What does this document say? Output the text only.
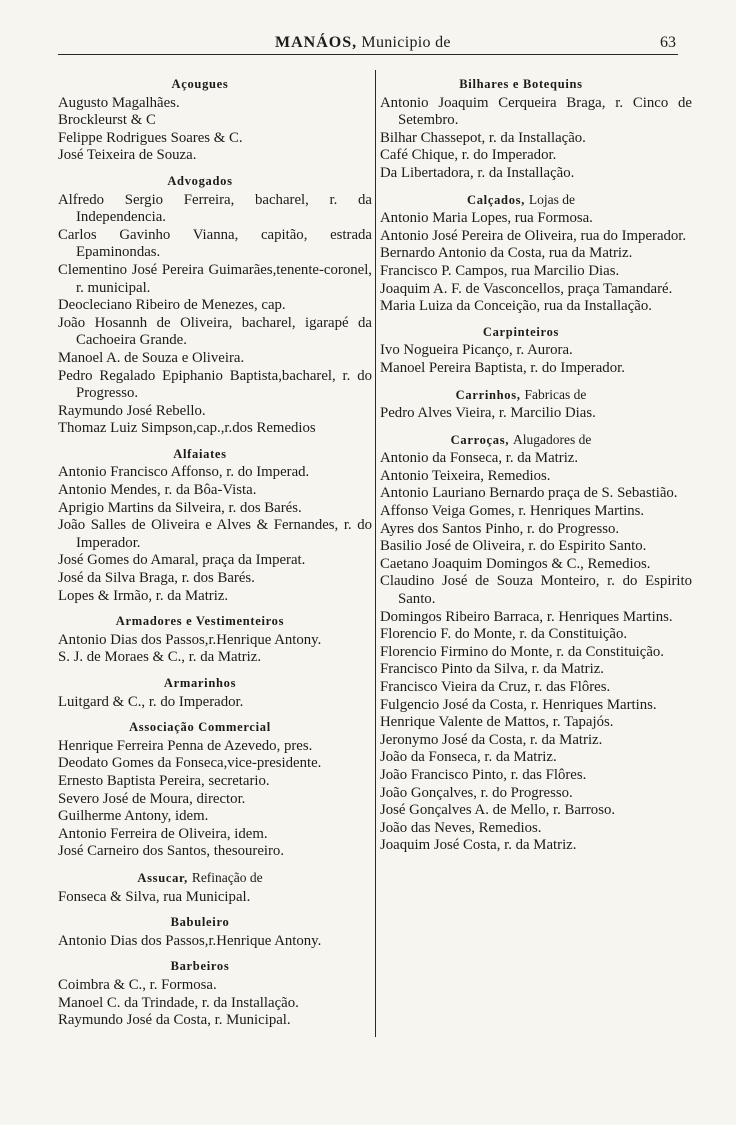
MANÁOS, Municipio de	63
Açougues
Augusto Magalhães.
Brockleurst & C
Felippe Rodrigues Soares & C.
José Teixeira de Souza.
Advogados
Alfredo Sergio Ferreira, bacharel, r. da Independencia.
Carlos Gavinho Vianna, capitão, estrada Epaminondas.
Clementino José Pereira Guimarães,tenente-coronel, r. municipal.
Deocleciano Ribeiro de Menezes, cap.
João Hosannh de Oliveira, bacharel, igarapé da Cachoeira Grande.
Manoel A. de Souza e Oliveira.
Pedro Regalado Epiphanio Baptista,bacharel, r. do Progresso.
Raymundo José Rebello.
Thomaz Luiz Simpson,cap.,r.dos Remedios
Alfaiates
Antonio Francisco Affonso, r. do Imperad.
Antonio Mendes, r. da Bôa-Vista.
Aprigio Martins da Silveira, r. dos Barés.
João Salles de Oliveira e Alves & Fernandes, r. do Imperador.
José Gomes do Amaral, praça da Imperat.
José da Silva Braga, r. dos Barés.
Lopes & Irmão, r. da Matriz.
Armadores e Vestimenteiros
Antonio Dias dos Passos,r.Henrique Antony.
S. J. de Moraes & C., r. da Matriz.
Armarinhos
Luitgard & C., r. do Imperador.
Associação Commercial
Henrique Ferreira Penna de Azevedo, pres.
Deodato Gomes da Fonseca,vice-presidente.
Ernesto Baptista Pereira, secretario.
Severo José de Moura, director.
Guilherme Antony, idem.
Antonio Ferreira de Oliveira, idem.
José Carneiro dos Santos, thesoureiro.
Assucar, Refinação de
Fonseca & Silva, rua Municipal.
Babuleiro
Antonio Dias dos Passos,r.Henrique Antony.
Barbeiros
Coimbra & C., r. Formosa.
Manoel C. da Trindade, r. da Installação.
Raymundo José da Costa, r. Municipal.
Bilhares e Botequins
Antonio Joaquim Cerqueira Braga, r. Cinco de Setembro.
Bilhar Chassepot, r. da Installação.
Café Chique, r. do Imperador.
Da Libertadora, r. da Installação.
Calçados, Lojas de
Antonio Maria Lopes, rua Formosa.
Antonio José Pereira de Oliveira, rua do Imperador.
Bernardo Antonio da Costa, rua da Matriz.
Francisco P. Campos, rua Marcilio Dias.
Joaquim A. F. de Vasconcellos, praça Tamandaré.
Maria Luiza da Conceição, rua da Installação.
Carpinteiros
Ivo Nogueira Picanço, r. Aurora.
Manoel Pereira Baptista, r. do Imperador.
Carrinhos, Fabricas de
Pedro Alves Vieira, r. Marcilio Dias.
Carroças, Alugadores de
Antonio da Fonseca, r. da Matriz.
Antonio Teixeira, Remedios.
Antonio Lauriano Bernardo praça de S. Sebastião.
Affonso Veiga Gomes, r. Henriques Martins.
Ayres dos Santos Pinho, r. do Progresso.
Basilio José de Oliveira, r. do Espirito Santo.
Caetano Joaquim Domingos & C., Remedios.
Claudino José de Souza Monteiro, r. do Espirito Santo.
Domingos Ribeiro Barraca, r. Henriques Martins.
Florencio F. do Monte, r. da Constituição.
Florencio Firmino do Monte, r. da Constituição.
Francisco Pinto da Silva, r. da Matriz.
Francisco Vieira da Cruz, r. das Flôres.
Fulgencio José da Costa, r. Henriques Martins.
Henrique Valente de Mattos, r. Tapajós.
Jeronymo José da Costa, r. da Matriz.
João da Fonseca, r. da Matriz.
João Francisco Pinto, r. das Flôres.
João Gonçalves, r. do Progresso.
José Gonçalves A. de Mello, r. Barroso.
João das Neves, Remedios.
Joaquim José Costa, r. da Matriz.
